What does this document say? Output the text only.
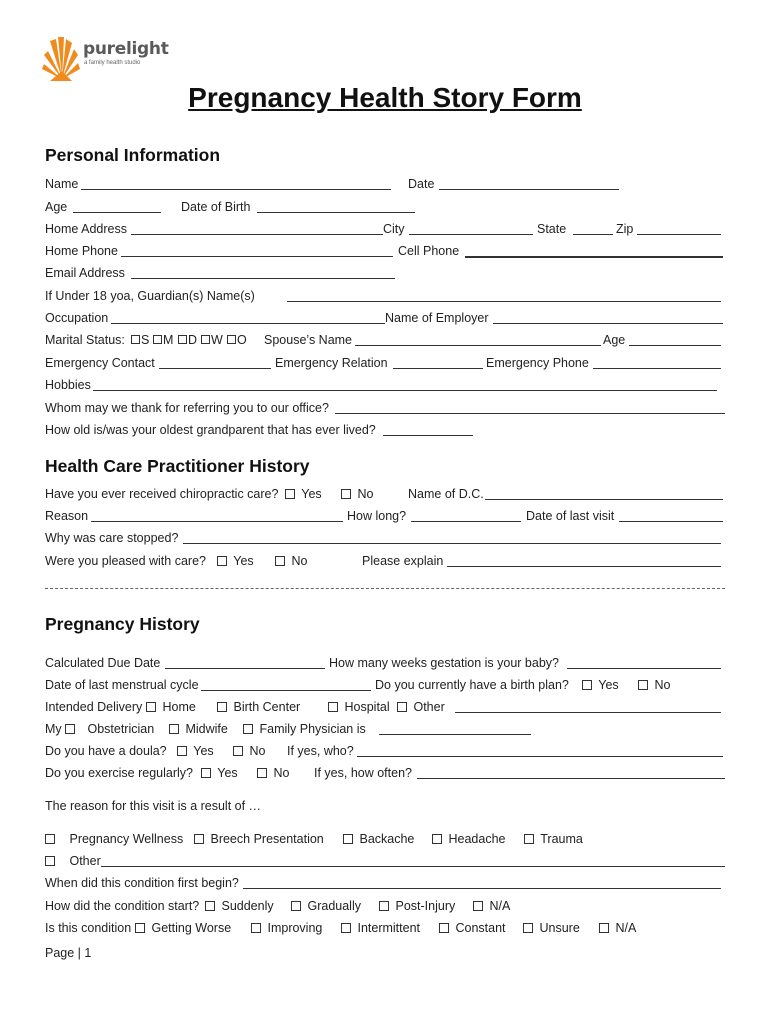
purelight
a family health studio
Pregnancy Health Story Form
Personal Information
Name	Date
Age	Date of Birth
Home Address	City	State	Zip
Home Phone	Cell Phone
Email Address
If Under 18 yoa, Guardian(s) Name(s)
Occupation	Name of Employer
Marital Status:	S	M	D	W	O Spouse’s Name	Age
Emergency Contact	Emergency Relation	Emergency Phone
Hobbies
Whom may we thank for referring you to our office?
How old is/was your oldest grandparent that has ever lived?
Health Care Practitioner History
Have you ever received chiropractic care?	Yes	No	Name of D.C.
Reason	How long?	Date of last visit
Why was care stopped?
Were you pleased with care?	Yes	No	Please explain
Pregnancy History
Calculated Due Date	How many weeks gestation is your baby?
Date of last menstrual cycle	Do you currently have a birth plan?	Yes	No
Intended Delivery	Home	Birth Center	Hospital	Other
My	Obstetrician	Midwife	Family Physician is
Do you have a doula?	Yes	No If yes, who?
Do you exercise regularly?	Yes	No If yes, how often?
The reason for this visit is a result of …
Pregnancy Wellness	Breech Presentation	Backache	Headache	Trauma
Other
When did this condition first begin?
How did the condition start?	Suddenly	Gradually	Post-Injury	N/A
Is this condition	Getting Worse	Improving	Intermittent	Constant	Unsure	N/A
Page | 1
